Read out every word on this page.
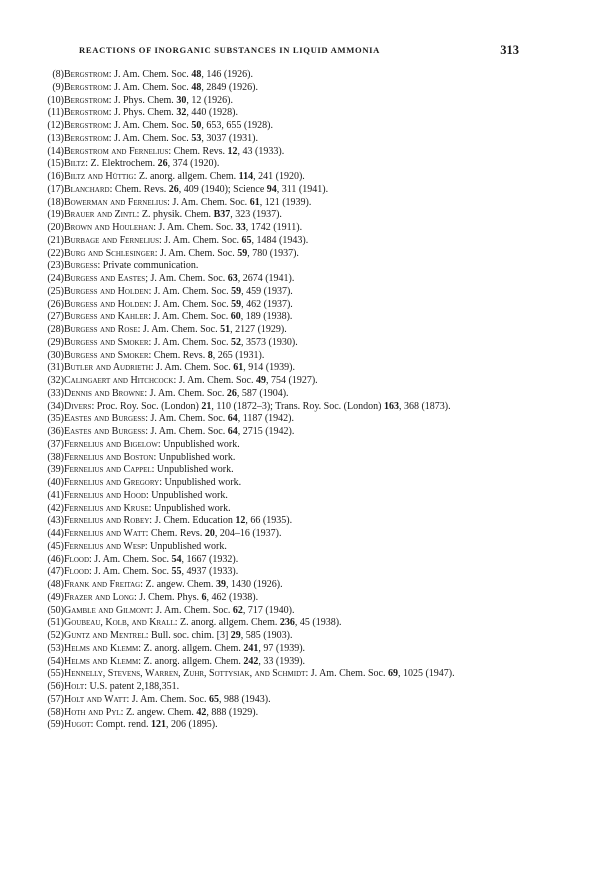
REACTIONS OF INORGANIC SUBSTANCES IN LIQUID AMMONIA	313
(8) Bergstrom: J. Am. Chem. Soc. 48, 146 (1926).
(9) Bergstrom: J. Am. Chem. Soc. 48, 2849 (1926).
(10) Bergstrom: J. Phys. Chem. 30, 12 (1926).
(11) Bergstrom: J. Phys. Chem. 32, 440 (1928).
(12) Bergstrom: J. Am. Chem. Soc. 50, 653, 655 (1928).
(13) Bergstrom: J. Am. Chem. Soc. 53, 3037 (1931).
(14) Bergstrom and Fernelius: Chem. Revs. 12, 43 (1933).
(15) Biltz: Z. Elektrochem. 26, 374 (1920).
(16) Biltz and Hüttig: Z. anorg. allgem. Chem. 114, 241 (1920).
(17) Blanchard: Chem. Revs. 26, 409 (1940); Science 94, 311 (1941).
(18) Bowerman and Fernelius: J. Am. Chem. Soc. 61, 121 (1939).
(19) Brauer and Zintl: Z. physik. Chem. B37, 323 (1937).
(20) Brown and Houlehan: J. Am. Chem. Soc. 33, 1742 (1911).
(21) Burbage and Fernelius: J. Am. Chem. Soc. 65, 1484 (1943).
(22) Burg and Schlesinger: J. Am. Chem. Soc. 59, 780 (1937).
(23) Burgess: Private communication.
(24) Burgess and Eastes; J. Am. Chem. Soc. 63, 2674 (1941).
(25) Burgess and Holden: J. Am. Chem. Soc. 59, 459 (1937).
(26) Burgess and Holden: J. Am. Chem. Soc. 59, 462 (1937).
(27) Burgess and Kahler: J. Am. Chem. Soc. 60, 189 (1938).
(28) Burgess and Rose: J. Am. Chem. Soc. 51, 2127 (1929).
(29) Burgess and Smoker: J. Am. Chem. Soc. 52, 3573 (1930).
(30) Burgess and Smoker: Chem. Revs. 8, 265 (1931).
(31) Butler and Audrieth: J. Am. Chem. Soc. 61, 914 (1939).
(32) Calingaert and Hitchcock: J. Am. Chem. Soc. 49, 754 (1927).
(33) Dennis and Browne: J. Am. Chem. Soc. 26, 587 (1904).
(34) Divers: Proc. Roy. Soc. (London) 21, 110 (1872–3); Trans. Roy. Soc. (London) 163, 368 (1873).
(35) Eastes and Burgess: J. Am. Chem. Soc. 64, 1187 (1942).
(36) Eastes and Burgess: J. Am. Chem. Soc. 64, 2715 (1942).
(37) Fernelius and Bigelow: Unpublished work.
(38) Fernelius and Boston: Unpublished work.
(39) Fernelius and Cappel: Unpublished work.
(40) Fernelius and Gregory: Unpublished work.
(41) Fernelius and Hood: Unpublished work.
(42) Fernelius and Kruse: Unpublished work.
(43) Fernelius and Robey: J. Chem. Education 12, 66 (1935).
(44) Fernelius and Watt: Chem. Revs. 20, 204–16 (1937).
(45) Fernelius and Wesp: Unpublished work.
(46) Flood: J. Am. Chem. Soc. 54, 1667 (1932).
(47) Flood: J. Am. Chem. Soc. 55, 4937 (1933).
(48) Frank and Freitag: Z. angew. Chem. 39, 1430 (1926).
(49) Frazer and Long: J. Chem. Phys. 6, 462 (1938).
(50) Gamble and Gilmont: J. Am. Chem. Soc. 62, 717 (1940).
(51) Goubeau, Kolb, and Krall: Z. anorg. allgem. Chem. 236, 45 (1938).
(52) Guntz and Mentrel: Bull. soc. chim. [3] 29, 585 (1903).
(53) Helms and Klemm: Z. anorg. allgem. Chem. 241, 97 (1939).
(54) Helms and Klemm: Z. anorg. allgem. Chem. 242, 33 (1939).
(55) Hennelly, Stevens, Warren, Zuhr, Sottysiak, and Schmidt: J. Am. Chem. Soc. 69, 1025 (1947).
(56) Holt: U.S. patent 2,188,351.
(57) Holt and Watt: J. Am. Chem. Soc. 65, 988 (1943).
(58) Hoth and Pyl: Z. angew. Chem. 42, 888 (1929).
(59) Hugot: Compt. rend. 121, 206 (1895).
